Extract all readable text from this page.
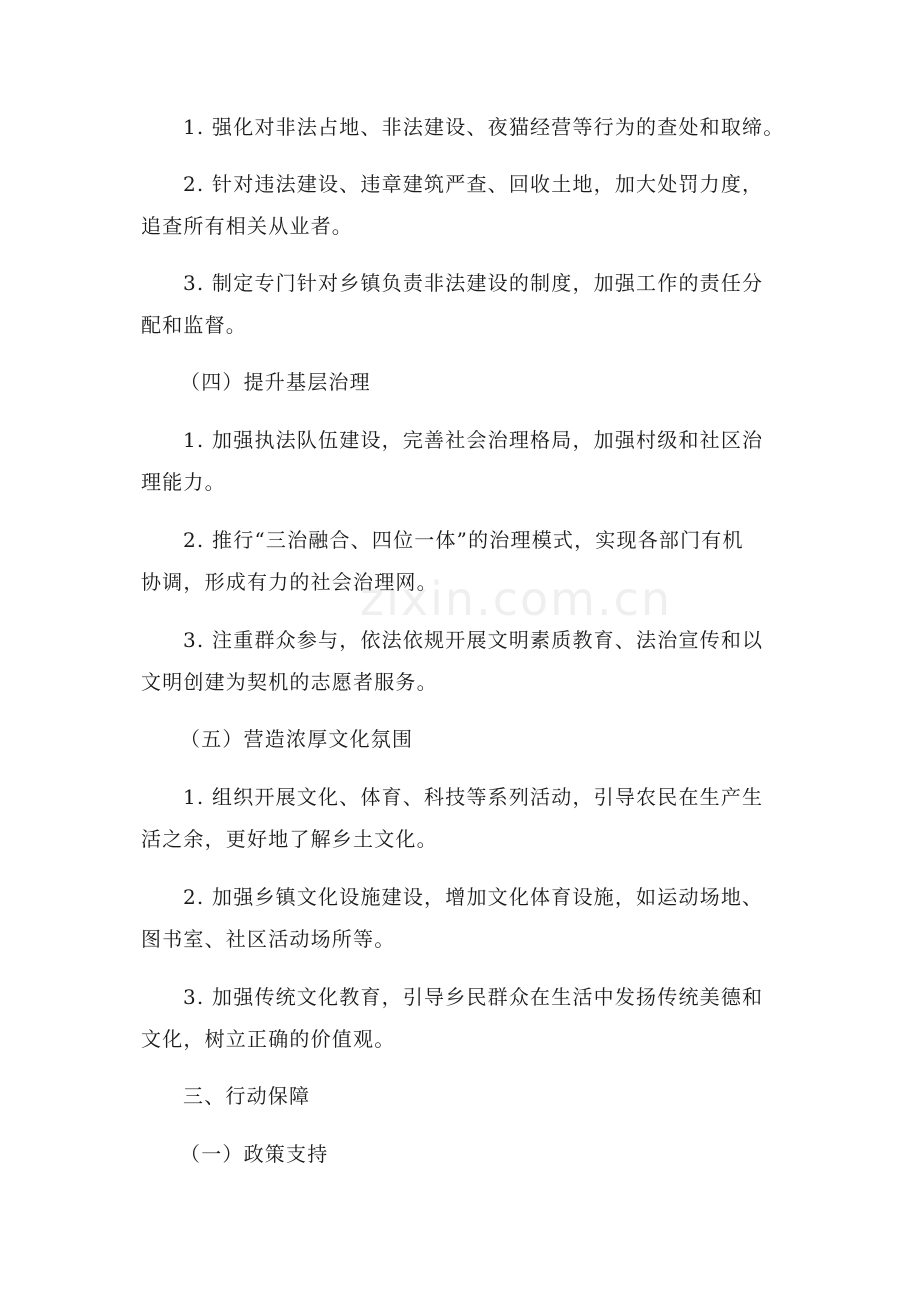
zixin.com.cn
1. 强化对非法占地、非法建设、夜猫经营等行为的查处和取缔。
2. 针对违法建设、违章建筑严查、回收土地，加大处罚力度，
追查所有相关从业者。
3. 制定专门针对乡镇负责非法建设的制度，加强工作的责任分
配和监督。
（四）提升基层治理
1. 加强执法队伍建设，完善社会治理格局，加强村级和社区治
理能力。
2. 推行“三治融合、四位一体”的治理模式，实现各部门有机
协调，形成有力的社会治理网。
3. 注重群众参与，依法依规开展文明素质教育、法治宣传和以
文明创建为契机的志愿者服务。
（五）营造浓厚文化氛围
1. 组织开展文化、体育、科技等系列活动，引导农民在生产生
活之余，更好地了解乡土文化。
2. 加强乡镇文化设施建设，增加文化体育设施，如运动场地、
图书室、社区活动场所等。
3. 加强传统文化教育，引导乡民群众在生活中发扬传统美德和
文化，树立正确的价值观。
三、行动保障
（一）政策支持
